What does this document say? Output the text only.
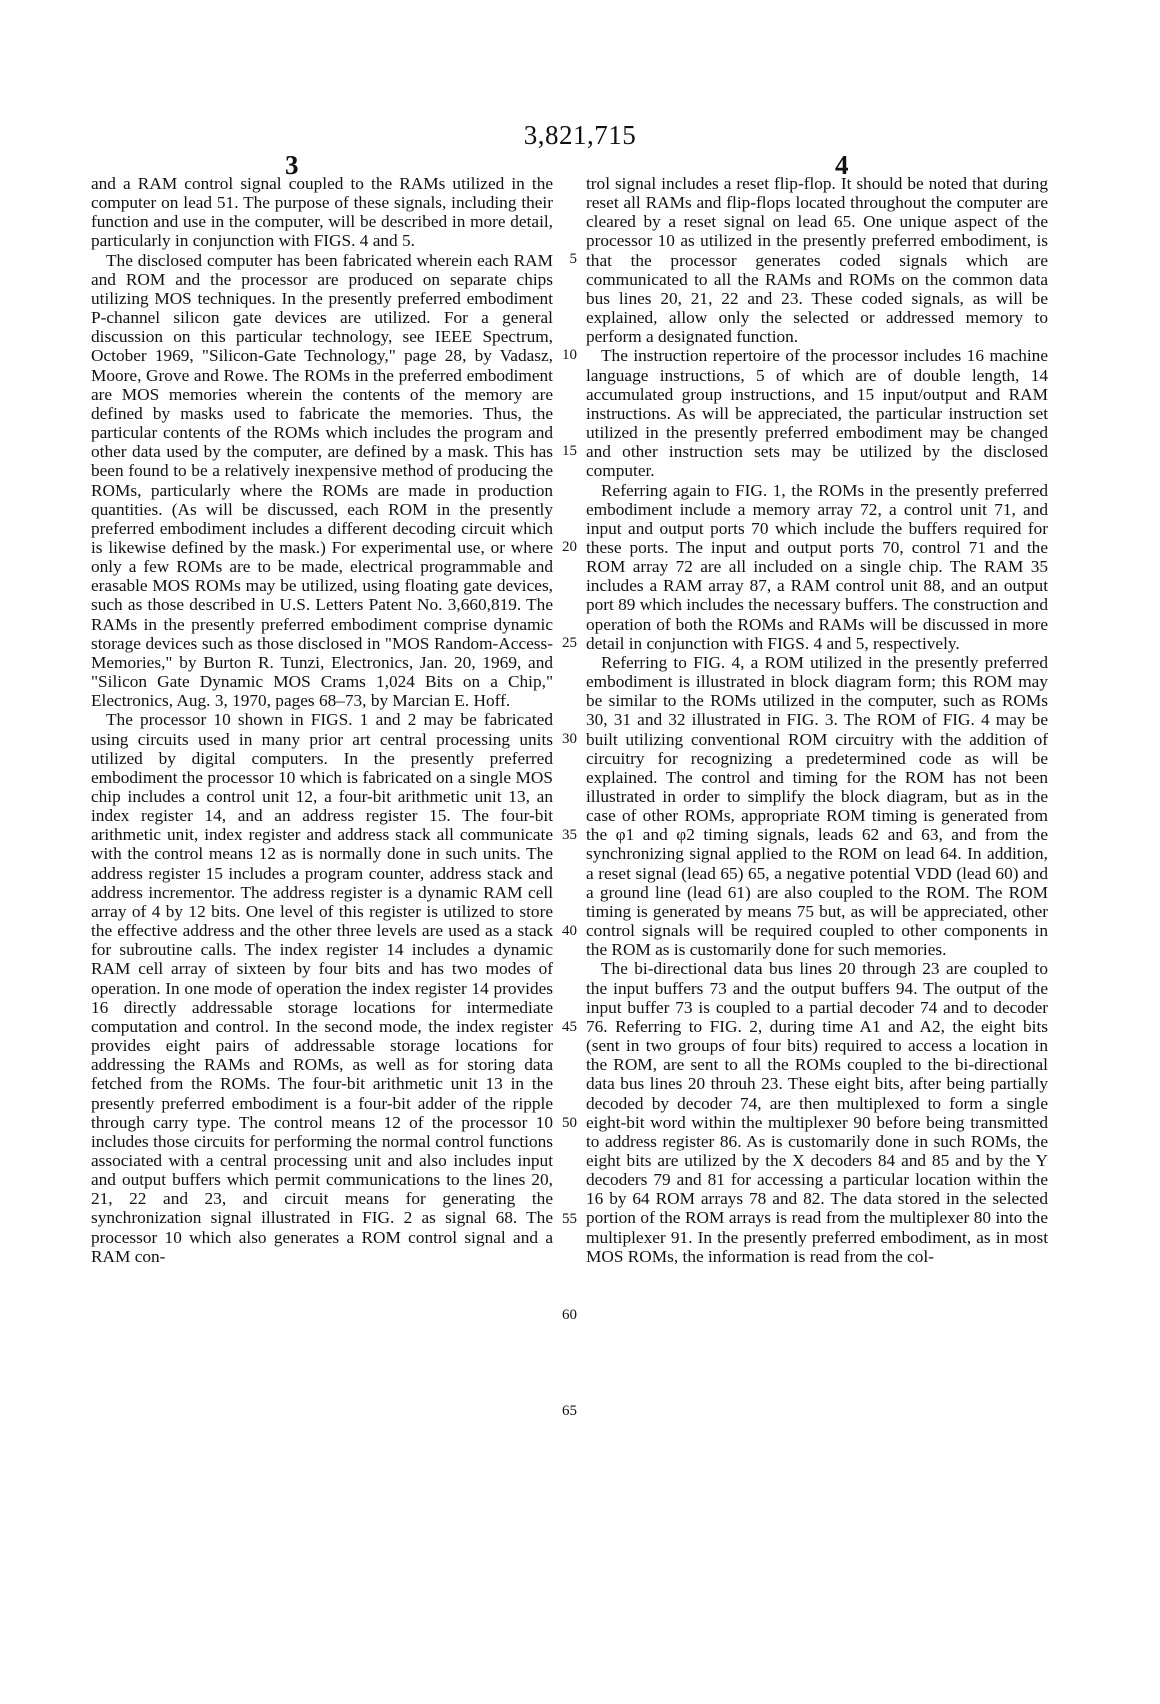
3,821,715
3	4

and a RAM control signal coupled to the RAMs utilized in the computer on lead 51. The purpose of these signals, including their function and use in the computer, will be described in more detail, particularly in conjunction with FIGS. 4 and 5.

The disclosed computer has been fabricated wherein each RAM and ROM and the processor are produced on separate chips utilizing MOS techniques. In the presently preferred embodiment P-channel silicon gate devices are utilized. For a general discussion on this particular technology, see IEEE Spectrum, October 1969, "Silicon-Gate Technology," page 28, by Vadasz, Moore, Grove and Rowe. The ROMs in the preferred embodiment are MOS memories wherein the contents of the memory are defined by masks used to fabricate the memories. Thus, the particular contents of the ROMs which includes the program and other data used by the computer, are defined by a mask. This has been found to be a relatively inexpensive method of producing the ROMs, particularly where the ROMs are made in production quantities. (As will be discussed, each ROM in the presently preferred embodiment includes a different decoding circuit which is likewise defined by the mask.) For experimental use, or where only a few ROMs are to be made, electrical programmable and erasable MOS ROMs may be utilized, using floating gate devices, such as those described in U.S. Letters Patent No. 3,660,819. The RAMs in the presently preferred embodiment comprise dynamic storage devices such as those disclosed in "MOS Random-Access-Memories," by Burton R. Tunzi, Electronics, Jan. 20, 1969, and "Silicon Gate Dynamic MOS Crams 1,024 Bits on a Chip," Electronics, Aug. 3, 1970, pages 68–73, by Marcian E. Hoff.

The processor 10 shown in FIGS. 1 and 2 may be fabricated using circuits used in many prior art central processing units utilized by digital computers. In the presently preferred embodiment the processor 10 which is fabricated on a single MOS chip includes a control unit 12, a four-bit arithmetic unit 13, an index register 14, and an address register 15. The four-bit arithmetic unit, index register and address stack all communicate with the control means 12 as is normally done in such units. The address register 15 includes a program counter, address stack and address incrementor. The address register is a dynamic RAM cell array of 4 by 12 bits. One level of this register is utilized to store the effective address and the other three levels are used as a stack for subroutine calls. The index register 14 includes a dynamic RAM cell array of sixteen by four bits and has two modes of operation. In one mode of operation the index register 14 provides 16 directly addressable storage locations for intermediate computation and control. In the second mode, the index register provides eight pairs of addressable storage locations for addressing the RAMs and ROMs, as well as for storing data fetched from the ROMs. The four-bit arithmetic unit 13 in the presently preferred embodiment is a four-bit adder of the ripple through carry type. The control means 12 of the processor 10 includes those circuits for performing the normal control functions associated with a central processing unit and also includes input and output buffers which permit communications to the lines 20, 21, 22 and 23, and circuit means for generating the synchronization signal illustrated in FIG. 2 as signal 68. The processor 10 which also generates a ROM control signal and a RAM con-

5
10
15
20
25
30
35
40
45
50
55
60
65

trol signal includes a reset flip-flop. It should be noted that during reset all RAMs and flip-flops located throughout the computer are cleared by a reset signal on lead 65. One unique aspect of the processor 10 as utilized in the presently preferred embodiment, is that the processor generates coded signals which are communicated to all the RAMs and ROMs on the common data bus lines 20, 21, 22 and 23. These coded signals, as will be explained, allow only the selected or addressed memory to perform a designated function.

The instruction repertoire of the processor includes 16 machine language instructions, 5 of which are of double length, 14 accumulated group instructions, and 15 input/output and RAM instructions. As will be appreciated, the particular instruction set utilized in the presently preferred embodiment may be changed and other instruction sets may be utilized by the disclosed computer.

Referring again to FIG. 1, the ROMs in the presently preferred embodiment include a memory array 72, a control unit 71, and input and output ports 70 which include the buffers required for these ports. The input and output ports 70, control 71 and the ROM array 72 are all included on a single chip. The RAM 35 includes a RAM array 87, a RAM control unit 88, and an output port 89 which includes the necessary buffers. The construction and operation of both the ROMs and RAMs will be discussed in more detail in conjunction with FIGS. 4 and 5, respectively.

Referring to FIG. 4, a ROM utilized in the presently preferred embodiment is illustrated in block diagram form; this ROM may be similar to the ROMs utilized in the computer, such as ROMs 30, 31 and 32 illustrated in FIG. 3. The ROM of FIG. 4 may be built utilizing conventional ROM circuitry with the addition of circuitry for recognizing a predetermined code as will be explained. The control and timing for the ROM has not been illustrated in order to simplify the block diagram, but as in the case of other ROMs, appropriate ROM timing is generated from the φ1 and φ2 timing signals, leads 62 and 63, and from the synchronizing signal applied to the ROM on lead 64. In addition, a reset signal (lead 65) 65, a negative potential VDD (lead 60) and a ground line (lead 61) are also coupled to the ROM. The ROM timing is generated by means 75 but, as will be appreciated, other control signals will be required coupled to other components in the ROM as is customarily done for such memories.

The bi-directional data bus lines 20 through 23 are coupled to the input buffers 73 and the output buffers 94. The output of the input buffer 73 is coupled to a partial decoder 74 and to decoder 76. Referring to FIG. 2, during time A1 and A2, the eight bits (sent in two groups of four bits) required to access a location in the ROM, are sent to all the ROMs coupled to the bi-directional data bus lines 20 throuh 23. These eight bits, after being partially decoded by decoder 74, are then multiplexed to form a single eight-bit word within the multiplexer 90 before being transmitted to address register 86. As is customarily done in such ROMs, the eight bits are utilized by the X decoders 84 and 85 and by the Y decoders 79 and 81 for accessing a particular location within the 16 by 64 ROM arrays 78 and 82. The data stored in the selected portion of the ROM arrays is read from the multiplexer 80 into the multiplexer 91. In the presently preferred embodiment, as in most MOS ROMs, the information is read from the col-
